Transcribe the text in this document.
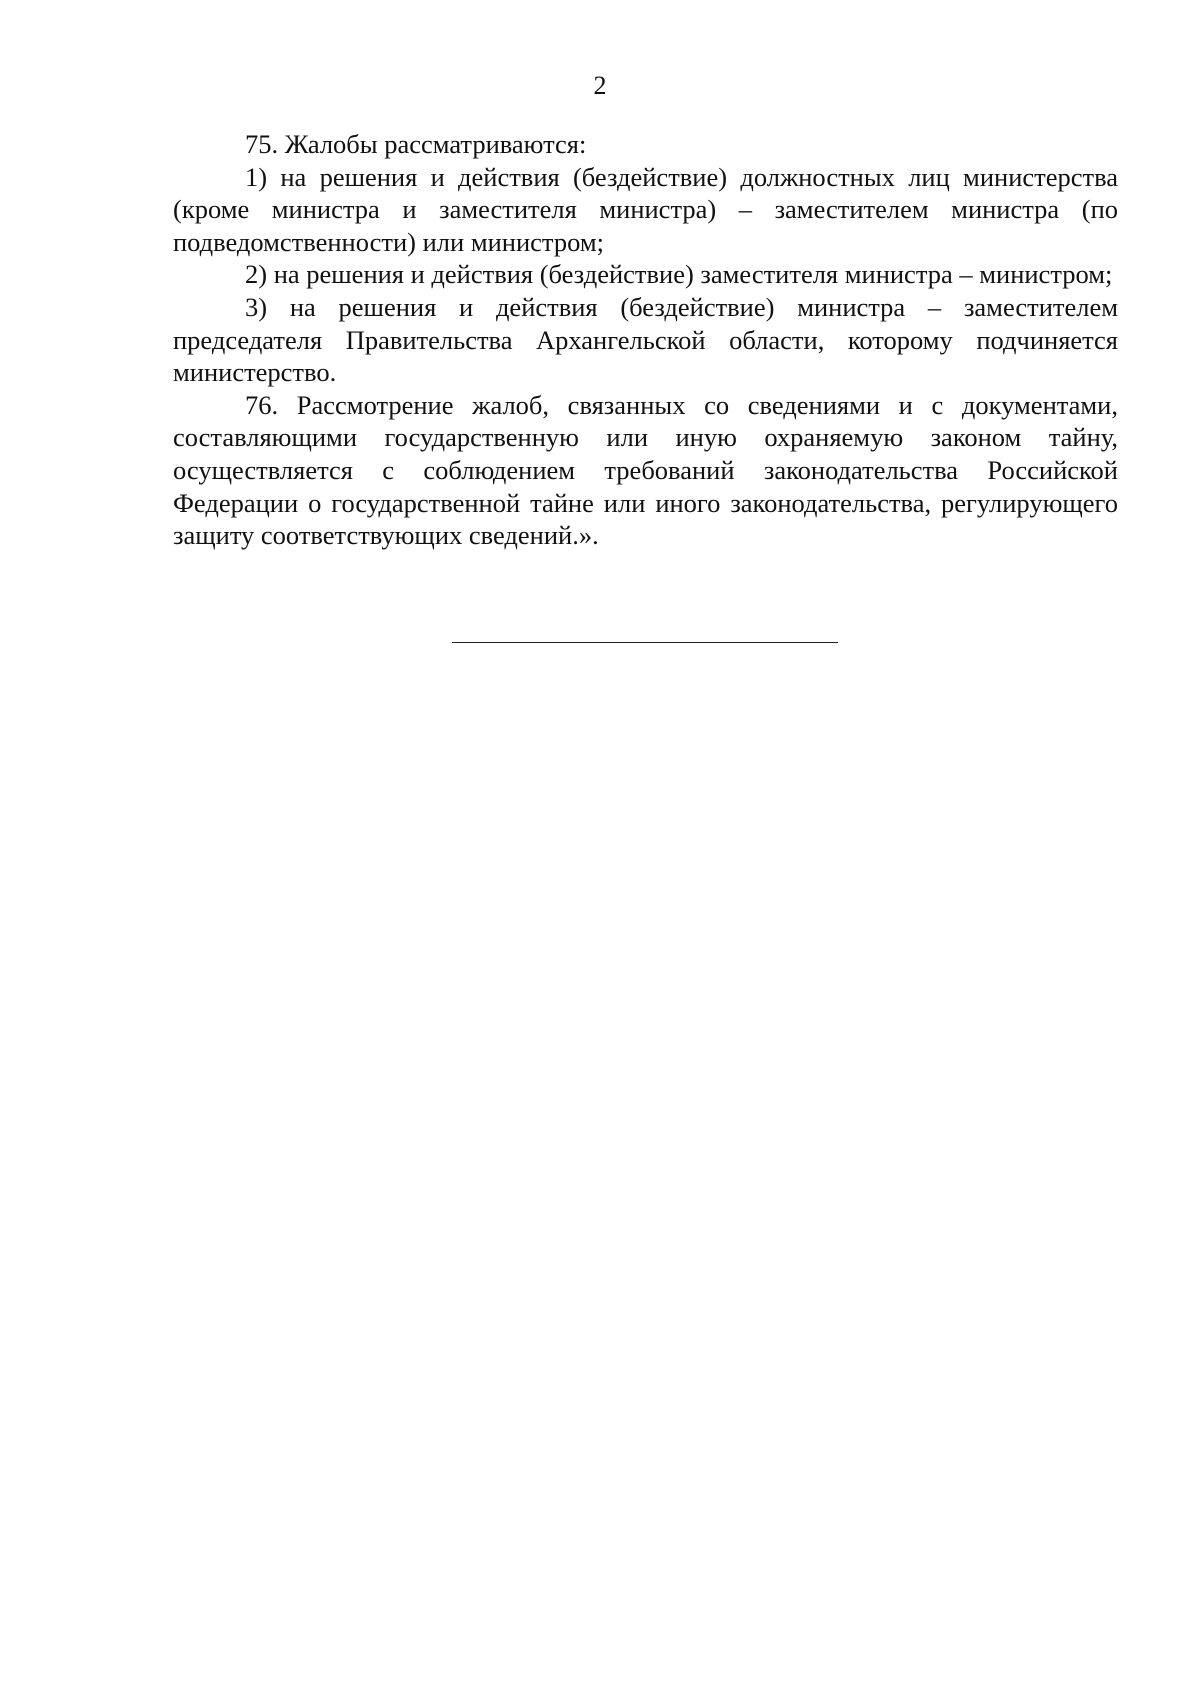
2

75. Жалобы рассматриваются:

1) на решения и действия (бездействие) должностных лиц министерства (кроме министра и заместителя министра) – заместителем министра (по подведомственности) или министром;

2) на решения и действия (бездействие) заместителя министра – министром;

3) на решения и действия (бездействие) министра – заместителем председателя Правительства Архангельской области, которому подчиняется министерство.

76. Рассмотрение жалоб, связанных со сведениями и с документами, составляющими государственную или иную охраняемую законом тайну, осуществляется с соблюдением требований законодательства Российской Федерации о государственной тайне или иного законодательства, регулирующего защиту соответствующих сведений.».
